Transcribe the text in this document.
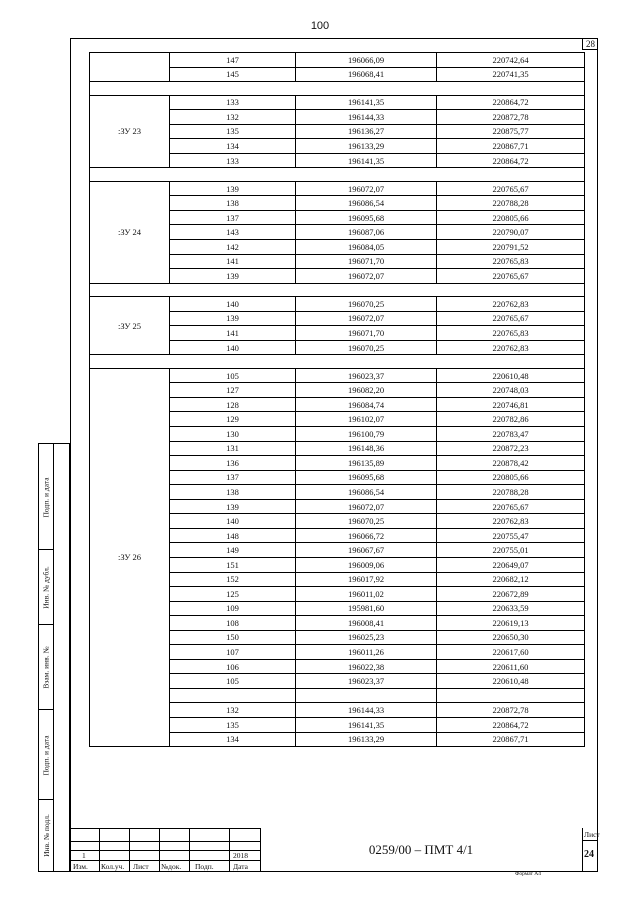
100
28
	147	196066,09	220742,64
	145	196068,41	220741,35

:ЗУ 23	133	196141,35	220864,72
	132	196144,33	220872,78
	135	196136,27	220875,77
	134	196133,29	220867,71
	133	196141,35	220864,72

:ЗУ 24	139	196072,07	220765,67
	138	196086,54	220788,28
	137	196095,68	220805,66
	143	196087,06	220790,07
	142	196084,05	220791,52
	141	196071,70	220765,83
	139	196072,07	220765,67

:ЗУ 25	140	196070,25	220762,83
	139	196072,07	220765,67
	141	196071,70	220765,83
	140	196070,25	220762,83

:ЗУ 26	105	196023,37	220610,48
	127	196082,20	220748,03
	128	196084,74	220746,81
	129	196102,07	220782,86
	130	196100,79	220783,47
	131	196148,36	220872,23
	136	196135,89	220878,42
	137	196095,68	220805,66
	138	196086,54	220788,28
	139	196072,07	220765,67
	140	196070,25	220762,83
	148	196066,72	220755,47
	149	196067,67	220755,01
	151	196009,06	220649,07
	152	196017,92	220682,12
	125	196011,02	220672,89
	109	195981,60	220633,59
	108	196008,41	220619,13
	150	196025,23	220650,30
	107	196011,26	220617,60
	106	196022,38	220611,60
	105	196023,37	220610,48

	132	196144,33	220872,78
	135	196141,35	220864,72
	134	196133,29	220867,71
Подп. и дата
Инв. № дубл.
Взам. инв. №
Подп. и дата
Инв. № подл.	1	2018
Изм. Кол.уч. Лист №док. Подп.	Дата
0259/00 – ПМТ 4/1
Лист
24
Формат А4
